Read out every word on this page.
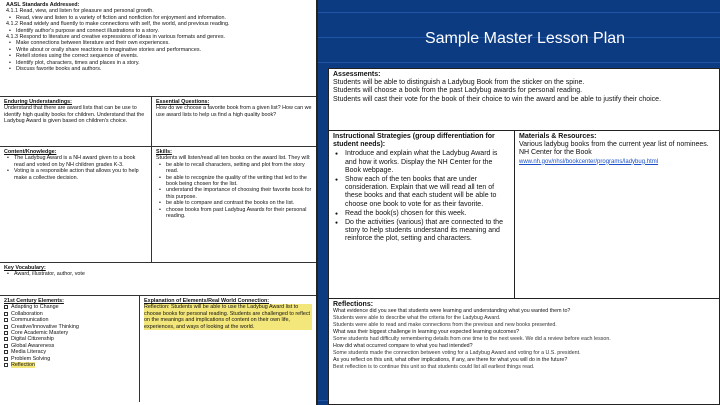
Sample Master Lesson Plan
AASL Standards Addressed:
4.1.1 Read, view, and listen for pleasure and personal growth.
• Read, view and listen to a variety of fiction and nonfiction for enjoyment and information.
4.1.2 Read widely and fluently to make connections with self, the world, and previous reading.
• Identify author's purpose and connect illustrations to a story.
4.1.3 Respond to literature and creative expressions of ideas in various formats and genres.
• Make connections between literature and their own experiences.
• Write about or orally share reactions to imaginative stories and performances.
• Retell stories using the correct sequence of events.
• Identify plot, characters, times and places in a story.
• Discuss favorite books and authors.
Enduring Understandings:
Understand that there are award lists that can be use to identify high quality books for children. Understand that the Ladybug Award is given based on children's choice.
Essential Questions:
How do we choose a favorite book from a given list? How can we use award lists to help us find a high quality book?
Content/Knowledge:
• The Ladybug Award is a NH award given to a book read and voted on by NH children grades K-3.
• Voting is a responsible action that allows you to help make a collective decision.
Skills:
Students will listen/read all ten books on the award list. They will:
• be able to recall characters, setting and plot from the story read.
• be able to recognize the quality of the writing that led to the book being chosen for the list.
• understand the importance of choosing their favorite book for this purpose.
• be able to compare and contrast the books on the list.
• choose books from past Ladybug Awards for their personal reading.
Key Vocabulary:
• Award, illustrator, author, vote
21st Century Elements:
Adapting to Change
Collaboration
Communication
Creative/Innovative Thinking
Core Academic Mastery
Digital Citizenship
Global Awareness
Media Literacy
Problem Solving
Reflection
Explanation of Elements/Real World Connection:
Reflection: Students will be able to use the Ladybug Award list to choose books for personal reading. Students are challenged to reflect on the meanings and implications of content on their own life, experiences, and ways of looking at the world.
Assessments:
Students will be able to distinguish a Ladybug Book from the sticker on the spine.
Students will choose a book from the past Ladybug awards for personal reading.
Students will cast their vote for the book of their choice to win the award and be able to justify their choice.
Instructional Strategies (group differentiation for student needs):
● Introduce and explain what the Ladybug Award is and how it works. Display the NH Center for the Book webpage.
● Show each of the ten books that are under consideration. Explain that we will read all ten of these books and that each student will be able to choose one book to vote for as their favorite.
● Read the book(s) chosen for this week.
● Do the activities (various) that are connected to the story to help students understand its meaning and reinforce the plot, setting and characters.
Materials & Resources:
Various ladybug books from the current year list of nominees. NH Center for the Book
www.nh.gov/nhsl/bookcenter/programs/ladybug.html
Reflections:
What evidence did you see that students were learning and understanding what you wanted them to?
Students were able to describe what the criteria for the Ladybug Award.
Students were able to read and make connections from the previous and new books presented.
What was their biggest challenge in learning your expected learning outcomes?
Some students had difficulty remembering details from one time to the next week. We did a review before each lesson.
How did what occurred compare to what you had intended?
Some students made the connection between voting for a Ladybug Award and voting for a U.S. president.
As you reflect on this unit, what other implications, if any, are there for what you will do in the future?
Best reflection is to continue this unit so that students could list all earliest things read.
